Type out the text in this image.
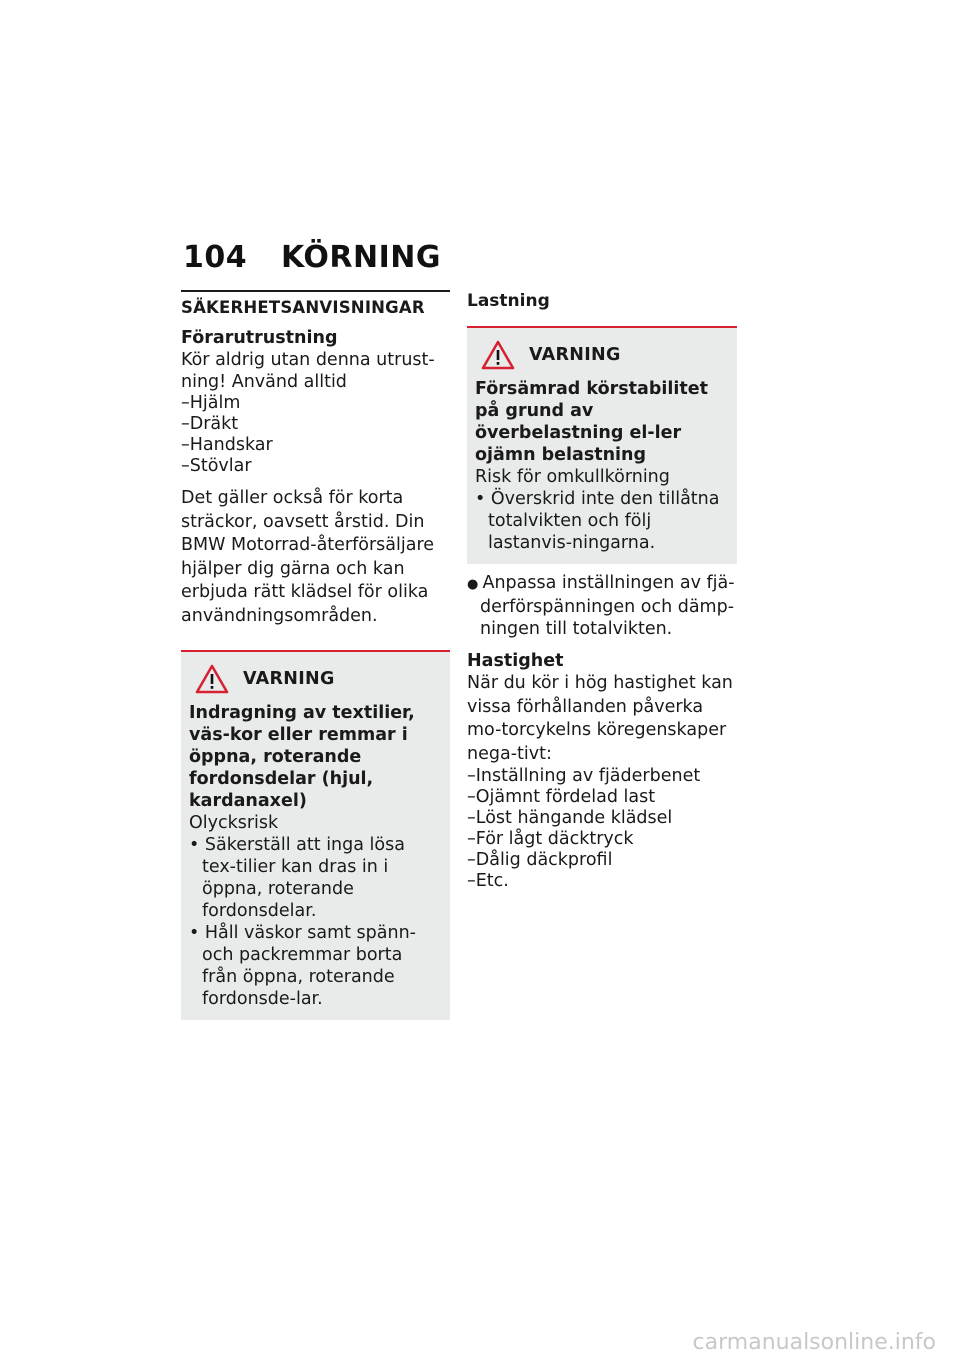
104	KÖRNING
SÄKERHETSANVISNINGAR

Förarutrustning

Kör aldrig utan denna utrust-ning! Använd alltid

– Hjälm
– Dräkt
– Handskar
– Stövlar

Det gäller också för korta sträckor, oavsett årstid. Din BMW Motorrad-återförsäljare hjälper dig gärna och kan erbjuda rätt klädsel för olika användningsområden.

VARNING

Indragning av textilier, väs-kor eller remmar i öppna, roterande fordonsdelar (hjul, kardanaxel)

Olycksrisk

• Säkerställ att inga lösa tex-tilier kan dras in i öppna, roterande fordonsdelar.
• Håll väskor samt spänn-och packremmar borta från öppna, roterande fordonsde-lar.

Lastning

VARNING

Försämrad körstabilitet på grund av överbelastning el-ler ojämn belastning

Risk för omkullkörning

• Överskrid inte den tillåtna totalvikten och följ lastanvis-ningarna.
● Anpassa inställningen av fjä-derförspänningen och dämp-ningen till totalvikten.

Hastighet

När du kör i hög hastighet kan vissa förhållanden påverka mo-torcykelns köregenskaper nega-tivt:

– Inställning av fjäderbenet
– Ojämnt fördelad last
– Löst hängande klädsel
– För lågt däcktryck
– Dålig däckprofil
– Etc.
carmanualsonline.info
